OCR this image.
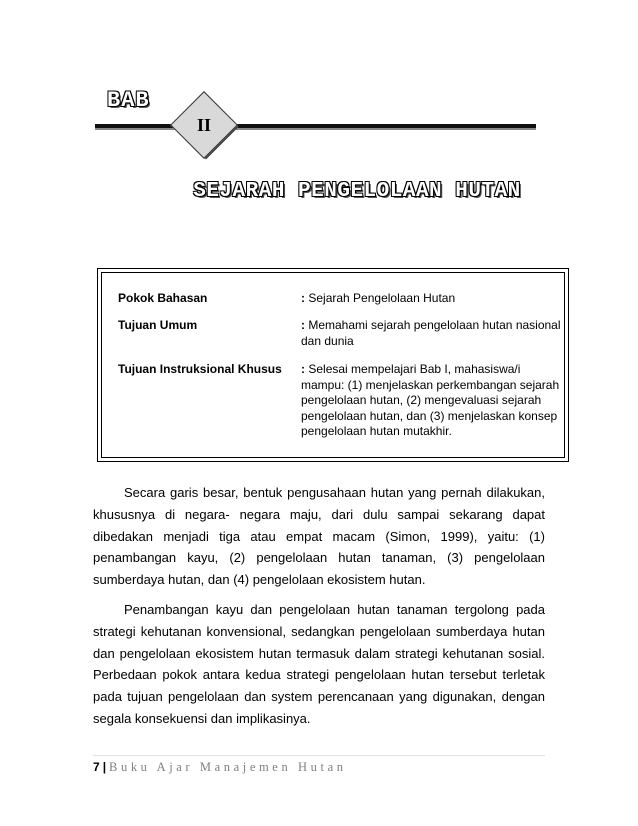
BAB
II
SEJARAH PENGELOLAAN HUTAN
Pokok Bahasan	: Sejarah Pengelolaan Hutan
Tujuan Umum	: Memahami sejarah pengelolaan hutan nasional dan dunia
Tujuan Instruksional Khusus : Selesai mempelajari Bab I, mahasiswa/i mampu: (1) menjelaskan perkembangan sejarah pengelolaan hutan, (2) mengevaluasi sejarah pengelolaan hutan, dan (3) menjelaskan konsep pengelolaan hutan mutakhir.
Secara garis besar, bentuk pengusahaan hutan yang pernah dilakukan, khususnya di negara- negara maju, dari dulu sampai sekarang dapat dibedakan menjadi tiga atau empat macam (Simon, 1999), yaitu: (1) penambangan kayu, (2) pengelolaan hutan tanaman, (3) pengelolaan sumberdaya hutan, dan (4) pengelolaan ekosistem hutan.
Penambangan kayu dan pengelolaan hutan tanaman tergolong pada strategi kehutanan konvensional, sedangkan pengelolaan sumberdaya hutan dan pengelolaan ekosistem hutan termasuk dalam strategi kehutanan sosial. Perbedaan pokok antara kedua strategi pengelolaan hutan tersebut terletak pada tujuan pengelolaan dan system perencanaan yang digunakan, dengan segala konsekuensi dan implikasinya.
7 | Buku Ajar Manajemen Hutan
